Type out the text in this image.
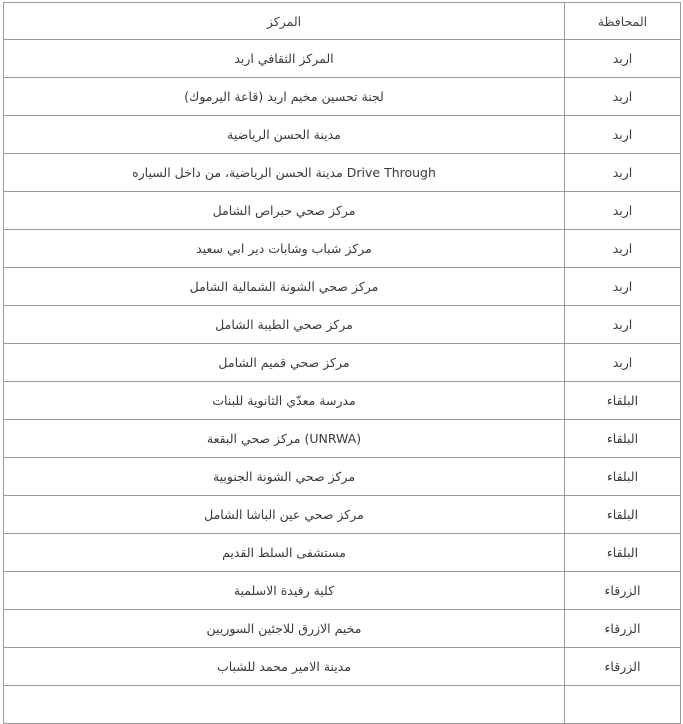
المركز	المحافظة
المركز الثقافي اربد	اربد
لجنة تحسين مخيم اربد (قاعة اليرموك)	اربد
مدينة الحسن الرياضية	اربد
مدينة الحسن الرياضية، من داخل السياره Drive Through	اربد
مركز صحي حبراص الشامل	اربد
مركز شباب وشابات دير ابي سعيد	اربد
مركز صحي الشونة الشمالية الشامل	اربد
مركز صحي الطيبة الشامل	اربد
مركز صحي قميم الشامل	اربد
مدرسة معدّي الثانوية للبنات	البلقاء
مركز صحي البقعة (UNRWA)	البلقاء
مركز صحي الشونة الجنوبية	البلقاء
مركز صحي عين الباشا الشامل	البلقاء
مستشفى السلط القديم	البلقاء
كلية رفيدة الاسلمية	الزرقاء
مخيم الازرق للاجئين السوريين	الزرقاء
مدينة الامير محمد للشباب	الزرقاء
